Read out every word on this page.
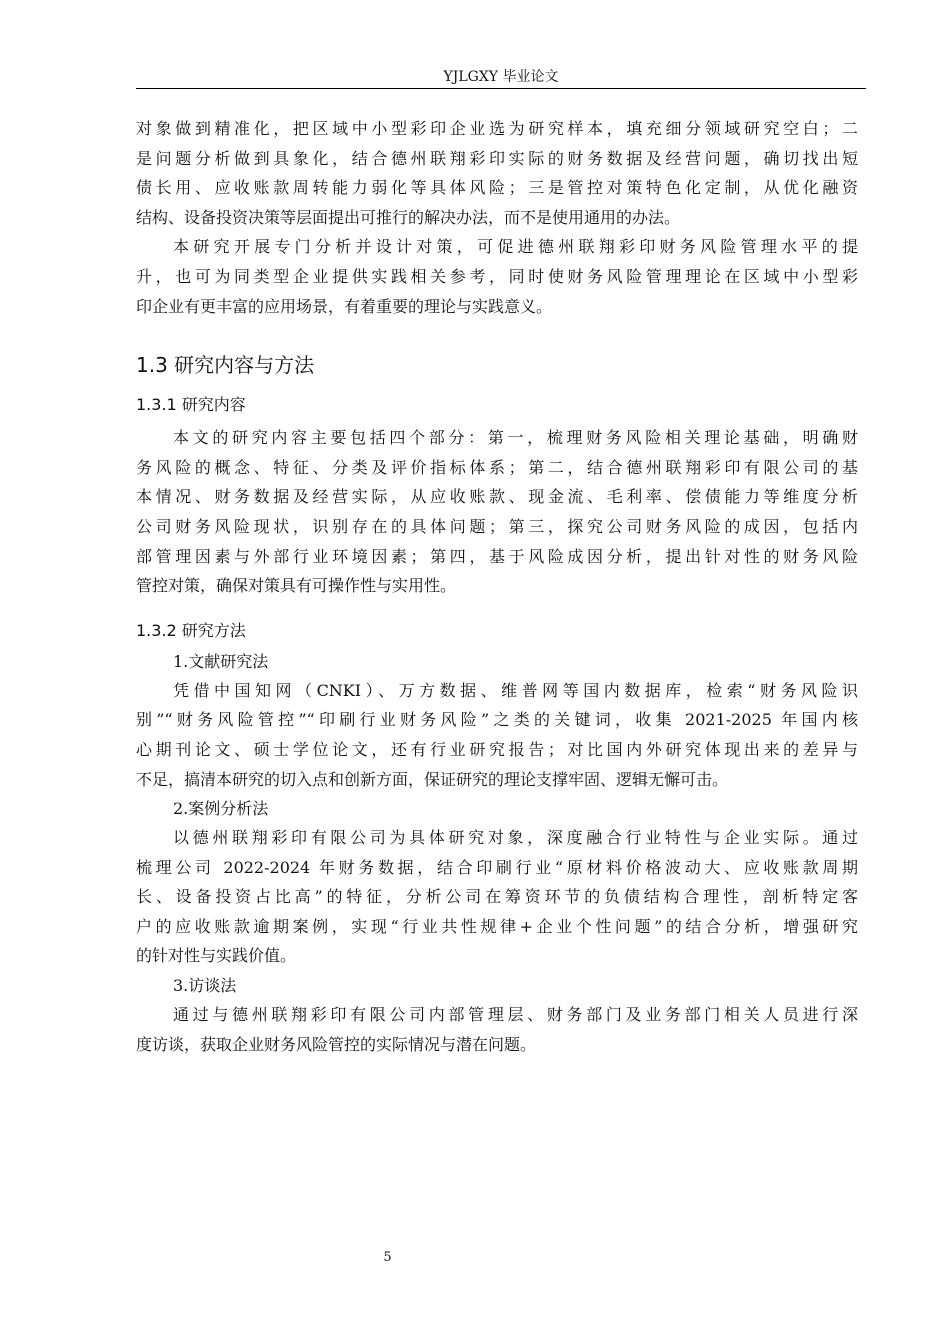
YJLGXY 毕业论文
对象做到精准化，把区域中小型彩印企业选为研究样本，填充细分领域研究空白；二
是问题分析做到具象化，结合德州联翔彩印实际的财务数据及经营问题，确切找出短
债长用、应收账款周转能力弱化等具体风险；三是管控对策特色化定制，从优化融资
结构、设备投资决策等层面提出可推行的解决办法，而不是使用通用的办法。
本研究开展专门分析并设计对策，可促进德州联翔彩印财务风险管理水平的提
升，也可为同类型企业提供实践相关参考，同时使财务风险管理理论在区域中小型彩
印企业有更丰富的应用场景，有着重要的理论与实践意义。
1.3 研究内容与方法
1.3.1 研究内容
本文的研究内容主要包括四个部分：第一，梳理财务风险相关理论基础，明确财
务风险的概念、特征、分类及评价指标体系；第二，结合德州联翔彩印有限公司的基
本情况、财务数据及经营实际，从应收账款、现金流、毛利率、偿债能力等维度分析
公司财务风险现状，识别存在的具体问题；第三，探究公司财务风险的成因，包括内
部管理因素与外部行业环境因素；第四，基于风险成因分析，提出针对性的财务风险
管控对策，确保对策具有可操作性与实用性。
1.3.2 研究方法
1.文献研究法
凭借中国知网（CNKI）、万方数据、维普网等国内数据库，检索“财务风险识
别”“财务风险管控”“印刷行业财务风险”之类的关键词，收集 2021-2025 年国内核
心期刊论文、硕士学位论文，还有行业研究报告；对比国内外研究体现出来的差异与
不足，搞清本研究的切入点和创新方面，保证研究的理论支撑牢固、逻辑无懈可击。
2.案例分析法
以德州联翔彩印有限公司为具体研究对象，深度融合行业特性与企业实际。通过
梳理公司 2022-2024 年财务数据，结合印刷行业“原材料价格波动大、应收账款周期
长、设备投资占比高”的特征，分析公司在筹资环节的负债结构合理性，剖析特定客
户的应收账款逾期案例，实现“行业共性规律+企业个性问题”的结合分析，增强研究
的针对性与实践价值。
3.访谈法
通过与德州联翔彩印有限公司内部管理层、财务部门及业务部门相关人员进行深
度访谈，获取企业财务风险管控的实际情况与潜在问题。
5
